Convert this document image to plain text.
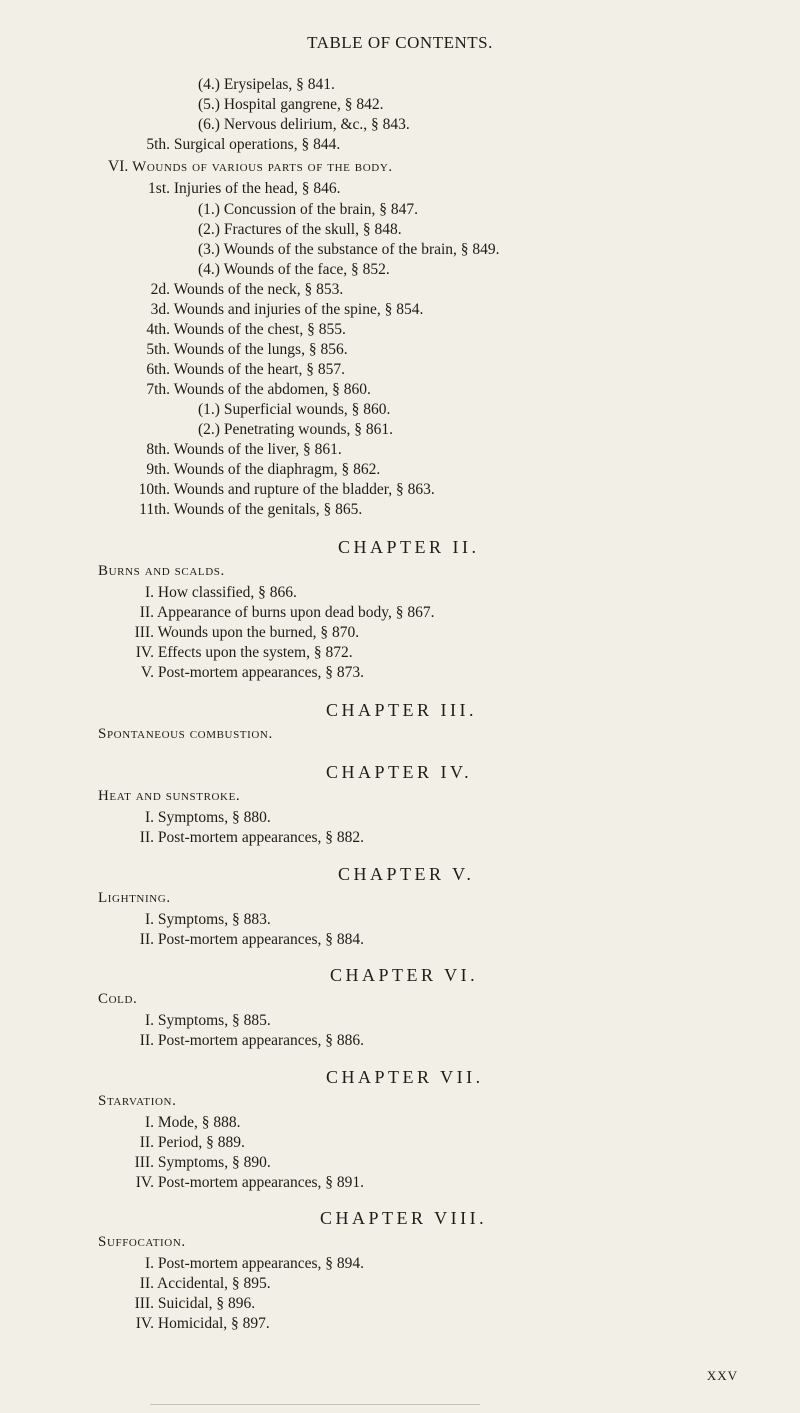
TABLE OF CONTENTS.
(4.) Erysipelas, § 841.
(5.) Hospital gangrene, § 842.
(6.) Nervous delirium, &c., § 843.
5th. Surgical operations, § 844.
VI. Wounds of various parts of the body.
1st. Injuries of the head, § 846.
(1.) Concussion of the brain, § 847.
(2.) Fractures of the skull, § 848.
(3.) Wounds of the substance of the brain, § 849.
(4.) Wounds of the face, § 852.
2d. Wounds of the neck, § 853.
3d. Wounds and injuries of the spine, § 854.
4th. Wounds of the chest, § 855.
5th. Wounds of the lungs, § 856.
6th. Wounds of the heart, § 857.
7th. Wounds of the abdomen, § 860.
(1.) Superficial wounds, § 860.
(2.) Penetrating wounds, § 861.
8th. Wounds of the liver, § 861.
9th. Wounds of the diaphragm, § 862.
10th. Wounds and rupture of the bladder, § 863.
11th. Wounds of the genitals, § 865.
CHAPTER II.
Burns and scalds.
I. How classified, § 866.
II. Appearance of burns upon dead body, § 867.
III. Wounds upon the burned, § 870.
IV. Effects upon the system, § 872.
V. Post-mortem appearances, § 873.
CHAPTER III.
Spontaneous combustion.
CHAPTER IV.
Heat and sunstroke.
I. Symptoms, § 880.
II. Post-mortem appearances, § 882.
CHAPTER V.
Lightning.
I. Symptoms, § 883.
II. Post-mortem appearances, § 884.
CHAPTER VI.
Cold.
I. Symptoms, § 885.
II. Post-mortem appearances, § 886.
CHAPTER VII.
Starvation.
I. Mode, § 888.
II. Period, § 889.
III. Symptoms, § 890.
IV. Post-mortem appearances, § 891.
CHAPTER VIII.
Suffocation.
I. Post-mortem appearances, § 894.
II. Accidental, § 895.
III. Suicidal, § 896.
IV. Homicidal, § 897.
XXV
